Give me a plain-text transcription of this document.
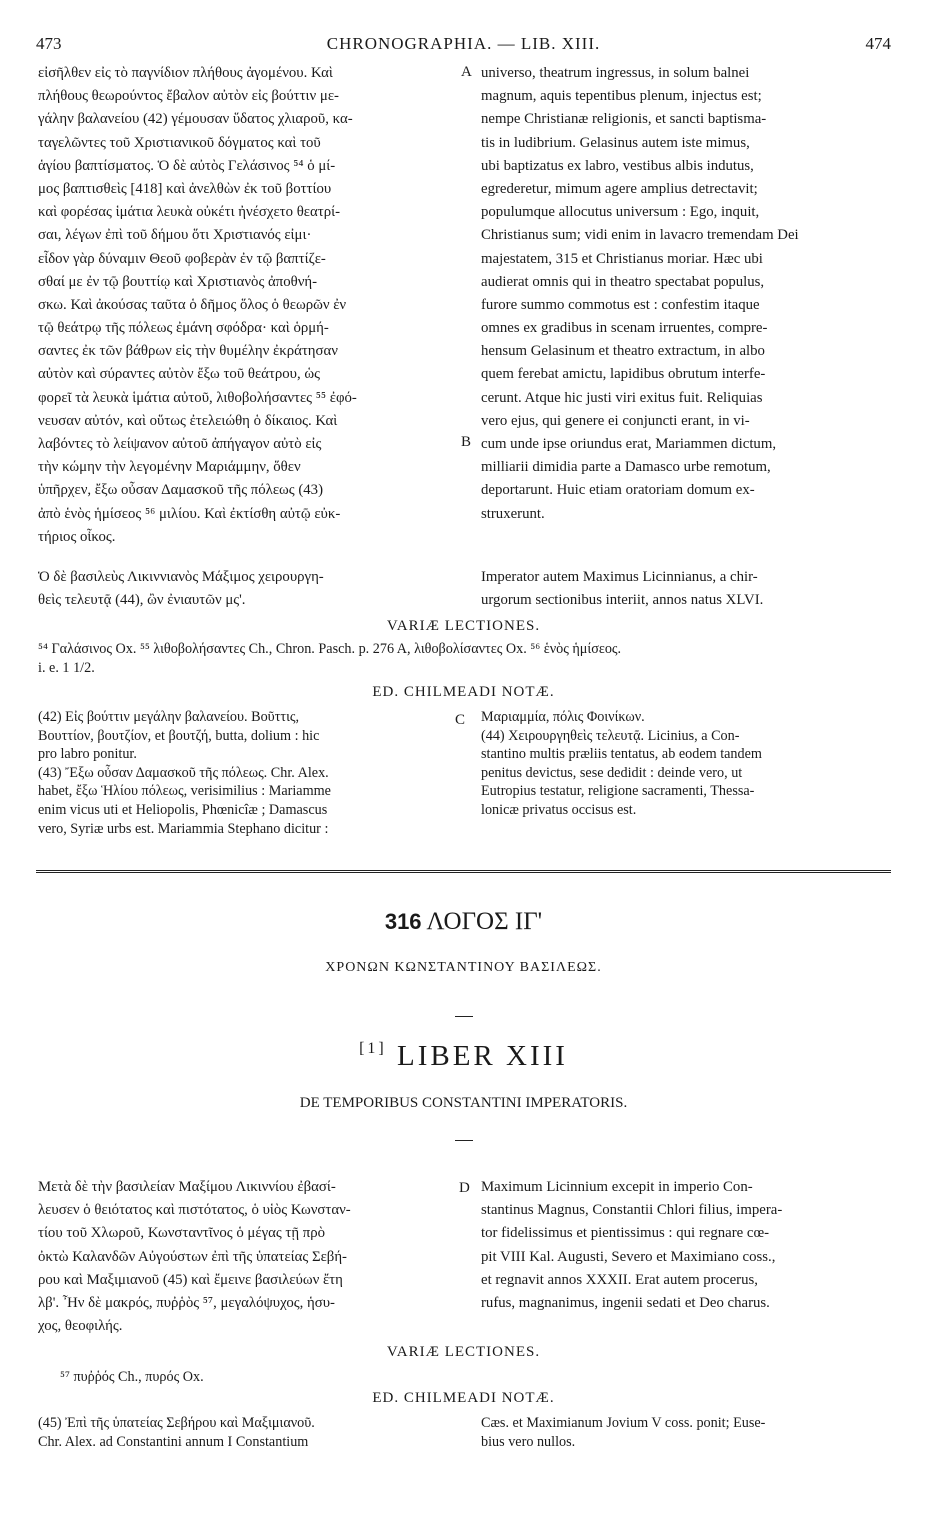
473	CHRONOGRAPHIA. — LIB. XIII.	474
εἰσῆλθεν εἰς τὸ παγνίδιον πλήθους ἀγομένου. Καὶ
πλήθους θεωρούντος ἔβαλον αὐτὸν εἰς βούττιν με-
γάλην βαλανείου (42) γέμουσαν ὕδατος χλιαροῦ, κα-
ταγελῶντες τοῦ Χριστιανικοῦ δόγματος καὶ τοῦ
ἁγίου βαπτίσματος. Ὁ δὲ αὐτὸς Γελάσινος ⁵⁴ ὁ μί-
μος βαπτισθεὶς [418] καὶ ἀνελθὼν ἐκ τοῦ βοττίου
καὶ φορέσας ἱμάτια λευκὰ οὐκέτι ἠνέσχετο θεατρί-
σαι, λέγων ἐπὶ τοῦ δήμου ὅτι Χριστιανός εἰμι·
εἶδον γὰρ δύναμιν Θεοῦ φοβερὰν ἐν τῷ βαπτίζε-
σθαί με ἐν τῷ βουττίῳ καὶ Χριστιανὸς ἀποθνή-
σκω. Καὶ ἀκούσας ταῦτα ὁ δῆμος ὅλος ὁ θεωρῶν ἐν
τῷ θεάτρῳ τῆς πόλεως ἐμάνη σφόδρα· καὶ ὁρμή-
σαντες ἐκ τῶν βάθρων εἰς τὴν θυμέλην ἐκράτησαν
αὐτὸν καὶ σύραντες αὐτὸν ἔξω τοῦ θεάτρου, ὡς
φορεῖ τὰ λευκὰ ἱμάτια αὐτοῦ, λιθοβολήσαντες ⁵⁵ ἐφό-
νευσαν αὐτόν, καὶ οὕτως ἐτελειώθη ὁ δίκαιος. Καὶ
λαβόντες τὸ λείψανον αὐτοῦ ἀπήγαγον αὐτὸ εἰς
τὴν κώμην τὴν λεγομένην Μαριάμμην, ὅθεν
ὑπῆρχεν, ἔξω οὖσαν Δαμασκοῦ τῆς πόλεως (43)
ἀπὸ ἑνὸς ἡμίσεος ⁵⁶ μιλίου. Καὶ ἐκτίσθη αὐτῷ εὐκ-
τήριος οἶκος.
universo, theatrum ingressus, in solum balnei
magnum, aquis tepentibus plenum, injectus est;
nempe Christianæ religionis, et sancti baptisma-
tis in ludibrium. Gelasinus autem iste mimus,
ubi baptizatus ex labro, vestibus albis indutus,
egrederetur, mimum agere amplius detrectavit;
populumque allocutus universum : Ego, inquit,
Christianus sum; vidi enim in lavacro tremendam Dei
majestatem, 315 et Christianus moriar. Hæc ubi
audierat omnis qui in theatro spectabat populus,
furore summo commotus est : confestim itaque
omnes ex gradibus in scenam irruentes, compre-
hensum Gelasinum et theatro extractum, in albo
quem ferebat amictu, lapidibus obrutum interfe-
cerunt. Atque hic justi viri exitus fuit. Reliquias
vero ejus, qui genere ei conjuncti erant, in vi-
cum unde ipse oriundus erat, Mariammen dictum,
milliarii dimidia parte a Damasco urbe remotum,
deportarunt. Huic etiam oratoriam domum ex-
struxerunt.
A
B
Ὁ δὲ βασιλεὺς Λικιννιανὸς Μάξιμος χειρουργη-
θεὶς τελευτᾷ (44), ὢν ἐνιαυτῶν μς'.
Imperator autem Maximus Licinnianus, a chir-
urgorum sectionibus interiit, annos natus XLVI.
VARIÆ LECTIONES.
⁵⁴ Γαλάσινος Ox. ⁵⁵ λιθοβολήσαντες Ch., Chron. Pasch. p. 276 A, λιθοβολίσαντες Ox. ⁵⁶ ἑνὸς ἡμίσεος.
i. e. 1 1/2.
ED. CHILMEADI NOTÆ.
(42) Εἰς βούττιν μεγάλην βαλανείου. Βοῦττις,
Βουττίον, βουτζίον, et βουτζή, butta, dolium : hic
pro labro ponitur.
(43) Ἔξω οὖσαν Δαμασκοῦ τῆς πόλεως. Chr. Alex.
habet, ἔξω Ἡλίου πόλεως, verisimilius : Mariamme
enim vicus uti et Heliopolis, Phœnicîæ ; Damascus
vero, Syriæ urbs est. Mariammia Stephano dicitur :
C Μαριαμμία, πόλις Φοινίκων.
(44) Χειρουργηθεὶς τελευτᾷ. Licinius, a Con-
stantino multis præliis tentatus, ab eodem tandem
penitus devictus, sese dedidit : deinde vero, ut
Eutropius testatur, religione sacramenti, Thessa-
lonicæ privatus occisus est.
316 ΛΟΓΟΣ ΙΓ'
ΧΡΟΝΩΝ ΚΩΝΣΤΑΝΤΙΝΟΥ ΒΑΣΙΛΕΩΣ.
[1] LIBER XIII
DE TEMPORIBUS CONSTANTINI IMPERATORIS.
Μετὰ δὲ τὴν βασιλείαν Μαξίμου Λικιννίου ἐβασί-
λευσεν ὁ θειότατος καὶ πιστότατος, ὁ υἱὸς Κωνσταν-
τίου τοῦ Χλωροῦ, Κωνσταντῖνος ὁ μέγας τῇ πρὸ
ὀκτὼ Καλανδῶν Αὐγούστων ἐπὶ τῆς ὑπατείας Σεβή-
ρου καὶ Μαξιμιανοῦ (45) καὶ ἔμεινε βασιλεύων ἔτη
λβ'. Ἦν δὲ μακρός, πυῤῥὸς ⁵⁷, μεγαλόψυχος, ἡσυ-
χος, θεοφιλής.
Maximum Licinnium excepit in imperio Con-
stantinus Magnus, Constantii Chlori filius, impera-
tor fidelissimus et pientissimus : qui regnare cœ-
pit VIII Kal. Augusti, Severo et Maximiano coss.,
et regnavit annos XXXII. Erat autem procerus,
rufus, magnanimus, ingenii sedati et Deo charus.
D
VARIÆ LECTIONES.
⁵⁷ πυῤῥός Ch., πυρός Ox.
ED. CHILMEADI NOTÆ.
(45) Ἐπὶ τῆς ὑπατείας Σεβήρου καὶ Μαξιμιανοῦ.
Chr. Alex. ad Constantini annum I Constantium
Cæs. et Maximianum Jovium V coss. ponit; Euse-
bius vero nullos.
